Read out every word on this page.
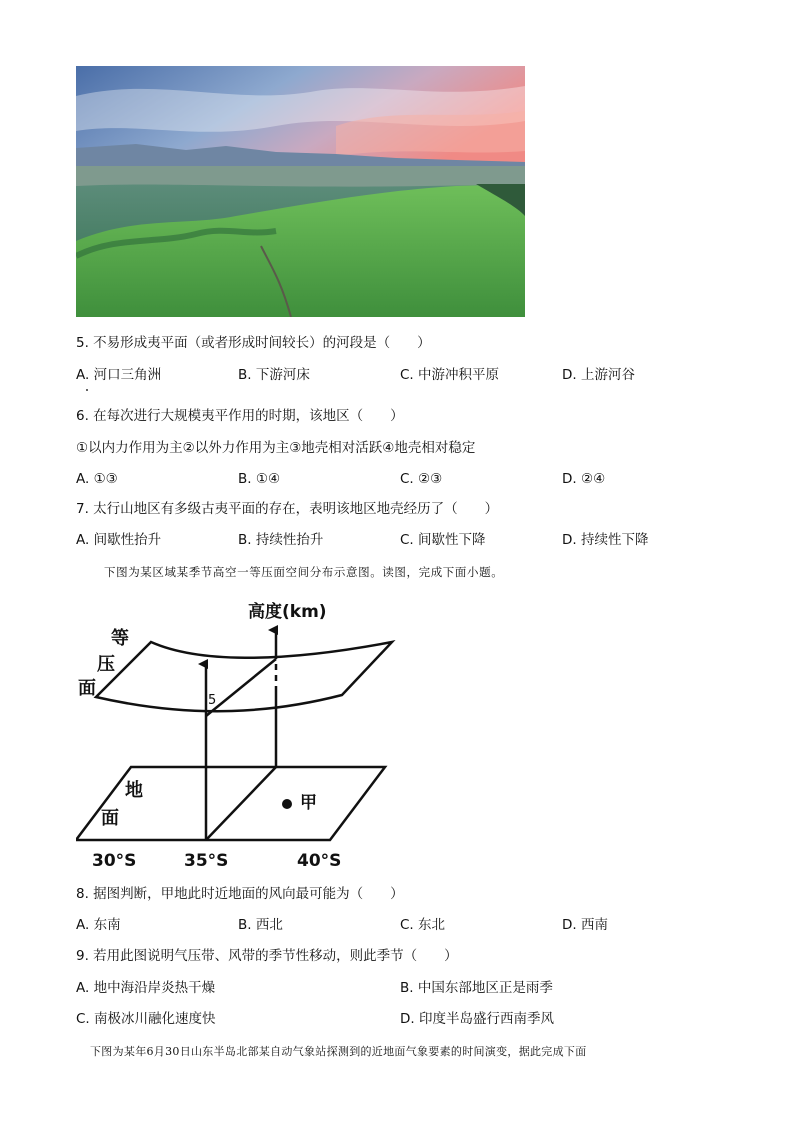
5. 不易形成夷平面（或者形成时间较长）的河段是（　　）
A. 河口三角洲	B. 下游河床	C. 中游冲积平原	D. 上游河谷
6. 在每次进行大规模夷平作用的时期，该地区（　　）
①以内力作用为主②以外力作用为主③地壳相对活跃④地壳相对稳定
A. ①③	B. ①④	C. ②③	D. ②④
7. 太行山地区有多级古夷平面的存在，表明该地区地壳经历了（　　）
A. 间歇性抬升	B. 持续性抬升	C. 间歇性下降	D. 持续性下降
下图为某区域某季节高空一等压面空间分布示意图。读图，完成下面小题。
高度(km)
等
压
面
5
地
面
甲
30°S	35°S	40°S
8. 据图判断，甲地此时近地面的风向最可能为（　　）
A. 东南	B. 西北	C. 东北	D. 西南
9. 若用此图说明气压带、风带的季节性移动，则此季节（　　）
A. 地中海沿岸炎热干燥	B. 中国东部地区正是雨季
C. 南极冰川融化速度快	D. 印度半岛盛行西南季风
下图为某年6月30日山东半岛北部某自动气象站探测到的近地面气象要素的时间演变，据此完成下面
